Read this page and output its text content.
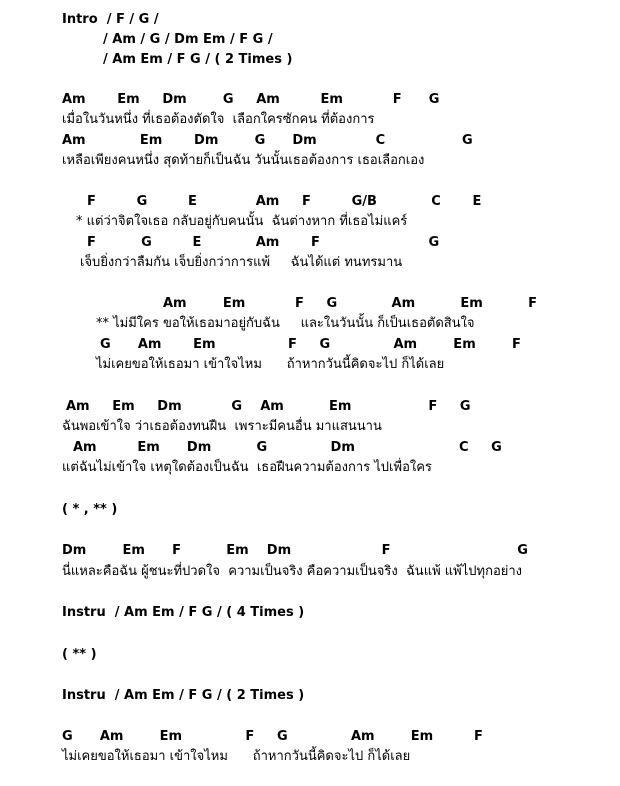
Intro  / F / G /
/ Am / G / Dm Em / F G /
/ Am Em / F G / ( 2 Times )
Am       Em     Dm        G     Am         Em           F      G
เมื่อในวันหนึ่ง ที่เธอต้องตัดใจ  เลือกใครซักคน ที่ต้องการ
Am            Em       Dm        G      Dm             C                 G
เหลือเพียงคนหนึ่ง สุดท้ายก็เป็นฉัน วันนั้นเธอต้องการ เธอเลือกเอง
F         G         E             Am     F         G/B            C       E
* แต่ว่าจิตใจเธอ กลับอยู่กับคนนั้น  ฉันต่างหาก ที่เธอไม่แคร์
F          G         E            Am       F                        G
เจ็บยิ่งกว่าลืมกัน เจ็บยิ่งกว่าการแพ้     ฉันได้แต่ ทนทรมาน
Am        Em           F     G            Am          Em          F
** ไม่มีใคร ขอให้เธอมาอยู่กับฉัน     และในวันนั้น ก็เป็นเธอตัดสินใจ
G      Am       Em                F     G              Am        Em        F
ไม่เคยขอให้เธอมา เข้าใจไหม      ถ้าหากวันนี้คิดจะไป ก็ได้เลย
Am     Em     Dm           G    Am          Em                 F     G
ฉันพอเข้าใจ ว่าเธอต้องทนฝืน  เพราะมีคนอื่น มาแสนนาน
Am         Em      Dm          G              Dm                       C     G
แต่ฉันไม่เข้าใจ เหตุใดต้องเป็นฉัน  เธอฝืนความต้องการ ไปเพื่อใคร
( * , ** )
Dm        Em      F          Em    Dm                    F                            G
นี่แหละคือฉัน ผู้ชนะที่ปวดใจ  ความเป็นจริง คือความเป็นจริง  ฉันแพ้ แพ้ไปทุกอย่าง
Instru  / Am Em / F G / ( 4 Times )
( ** )
Instru  / Am Em / F G / ( 2 Times )
G      Am        Em              F     G              Am        Em         F
ไม่เคยขอให้เธอมา เข้าใจไหม      ถ้าหากวันนี้คิดจะไป ก็ได้เลย
